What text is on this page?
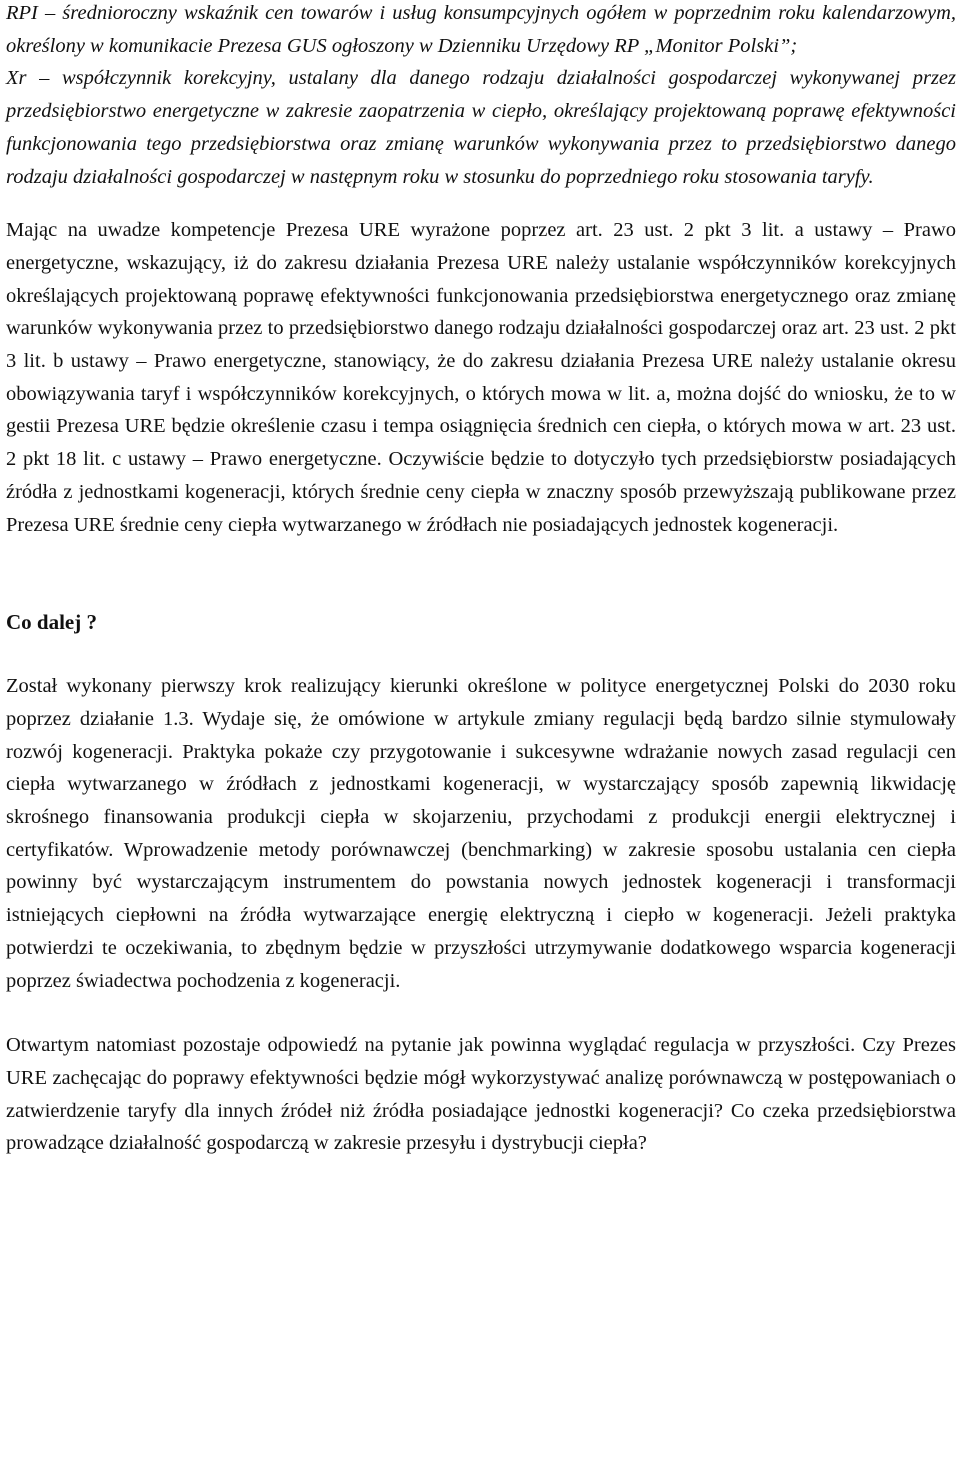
RPI – średnioroczny wskaźnik cen towarów i usług konsumpcyjnych ogółem w poprzednim roku kalendarzowym, określony w komunikacie Prezesa GUS ogłoszony w Dzienniku Urzędowy RP „Monitor Polski”;

Xr – współczynnik korekcyjny, ustalany dla danego rodzaju działalności gospodarczej wykonywanej przez przedsiębiorstwo energetyczne w zakresie zaopatrzenia w ciepło, określający projektowaną poprawę efektywności funkcjonowania tego przedsiębiorstwa oraz zmianę warunków wykonywania przez to przedsiębiorstwo danego rodzaju działalności gospodarczej w następnym roku w stosunku do poprzedniego roku stosowania taryfy.

Mając na uwadze kompetencje Prezesa URE wyrażone poprzez art. 23 ust. 2 pkt 3 lit. a ustawy – Prawo energetyczne, wskazujący, iż do zakresu działania Prezesa URE należy ustalanie współczynników korekcyjnych określających projektowaną poprawę efektywności funkcjonowania przedsiębiorstwa energetycznego oraz zmianę warunków wykonywania przez to przedsiębiorstwo danego rodzaju działalności gospodarczej oraz art. 23 ust. 2 pkt 3 lit. b ustawy – Prawo energetyczne, stanowiący, że do zakresu działania Prezesa URE należy ustalanie okresu obowiązywania taryf i współczynników korekcyjnych, o których mowa w lit. a, można dojść do wniosku, że to w gestii Prezesa URE będzie określenie czasu i tempa osiągnięcia średnich cen ciepła, o których mowa w art. 23 ust. 2 pkt 18 lit. c ustawy – Prawo energetyczne. Oczywiście będzie to dotyczyło tych przedsiębiorstw posiadających źródła z jednostkami kogeneracji, których średnie ceny ciepła w znaczny sposób przewyższają publikowane przez Prezesa URE średnie ceny ciepła wytwarzanego w źródłach nie posiadających jednostek kogeneracji.

Co dalej ?

Został wykonany pierwszy krok realizujący kierunki określone w polityce energetycznej Polski do 2030 roku poprzez działanie 1.3. Wydaje się, że omówione w artykule zmiany regulacji będą bardzo silnie stymulowały rozwój kogeneracji. Praktyka pokaże czy przygotowanie i sukcesywne wdrażanie nowych zasad regulacji cen ciepła wytwarzanego w źródłach z jednostkami kogeneracji, w wystarczający sposób zapewnią likwidację skrośnego finansowania produkcji ciepła w skojarzeniu, przychodami z produkcji energii elektrycznej i certyfikatów. Wprowadzenie metody porównawczej (benchmarking) w zakresie sposobu ustalania cen ciepła powinny być wystarczającym instrumentem do powstania nowych jednostek kogeneracji i transformacji istniejących ciepłowni na źródła wytwarzające energię elektryczną i ciepło w kogeneracji. Jeżeli praktyka potwierdzi te oczekiwania, to zbędnym będzie w przyszłości utrzymywanie dodatkowego wsparcia kogeneracji poprzez świadectwa pochodzenia z kogeneracji.

Otwartym natomiast pozostaje odpowiedź na pytanie jak powinna wyglądać regulacja w przyszłości. Czy Prezes URE zachęcając do poprawy efektywności będzie mógł wykorzystywać analizę porównawczą w postępowaniach o zatwierdzenie taryfy dla innych źródeł niż źródła posiadające jednostki kogeneracji? Co czeka przedsiębiorstwa prowadzące działalność gospodarczą w zakresie przesyłu i dystrybucji ciepła?
